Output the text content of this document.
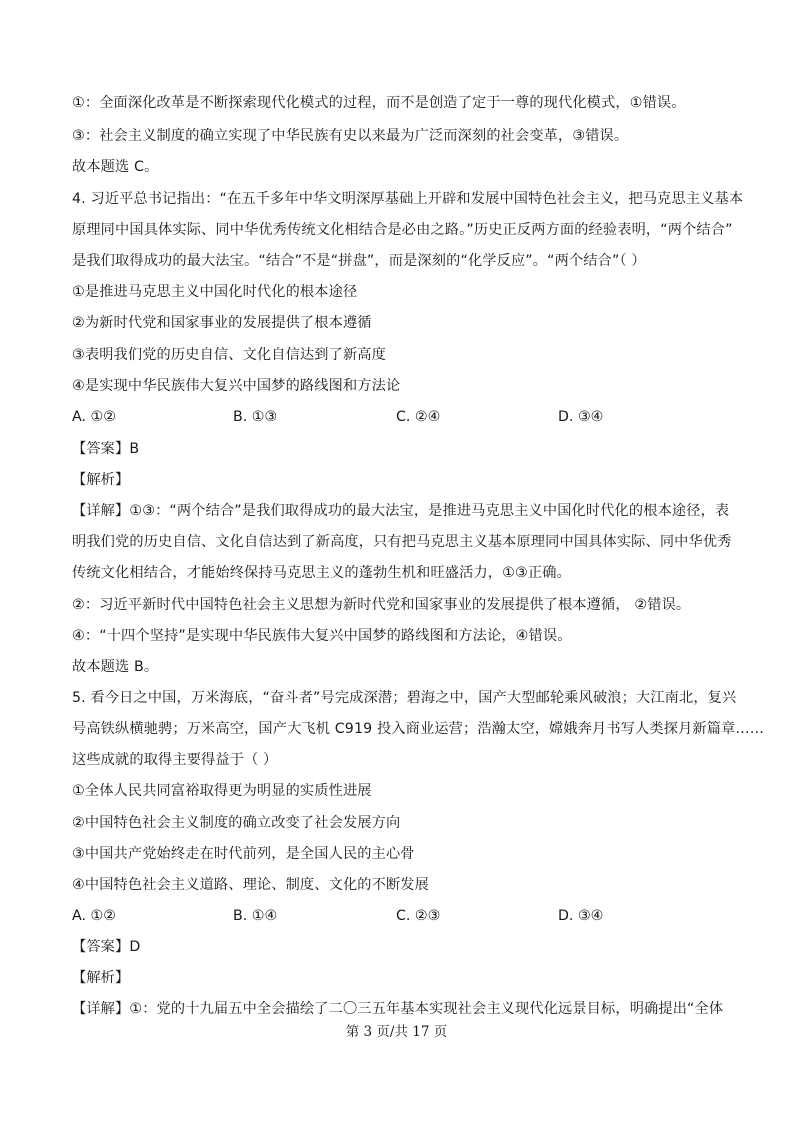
①：全面深化改革是不断探索现代化模式的过程，而不是创造了定于一尊的现代化模式，①错误。
③：社会主义制度的确立实现了中华民族有史以来最为广泛而深刻的社会变革，③错误。
故本题选 C。
4. 习近平总书记指出：“在五千多年中华文明深厚基础上开辟和发展中国特色社会主义，把马克思主义基本
原理同中国具体实际、同中华优秀传统文化相结合是必由之路。”历史正反两方面的经验表明，“两个结合”
是我们取得成功的最大法宝。“结合”不是“拼盘”，而是深刻的“化学反应”。“两个结合”（ ）
①是推进马克思主义中国化时代化的根本途径
②为新时代党和国家事业的发展提供了根本遵循
③表明我们党的历史自信、文化自信达到了新高度
④是实现中华民族伟大复兴中国梦的路线图和方法论
A. ①②	B. ①③	C. ②④	D. ③④
【答案】B
【解析】
【详解】①③：“两个结合”是我们取得成功的最大法宝，是推进马克思主义中国化时代化的根本途径，表
明我们党的历史自信、文化自信达到了新高度，只有把马克思主义基本原理同中国具体实际、同中华优秀
传统文化相结合，才能始终保持马克思主义的蓬勃生机和旺盛活力，①③正确。
②：习近平新时代中国特色社会主义思想为新时代党和国家事业的发展提供了根本遵循， ②错误。
④：“十四个坚持”是实现中华民族伟大复兴中国梦的路线图和方法论，④错误。
故本题选 B。
5. 看今日之中国，万米海底，“奋斗者”号完成深潜；碧海之中，国产大型邮轮乘风破浪；大江南北，复兴
号高铁纵横驰骋；万米高空，国产大飞机 C919 投入商业运营；浩瀚太空，嫦娥奔月书写人类探月新篇章……
这些成就的取得主要得益于（ ）
①全体人民共同富裕取得更为明显的实质性进展
②中国特色社会主义制度的确立改变了社会发展方向
③中国共产党始终走在时代前列，是全国人民的主心骨
④中国特色社会主义道路、理论、制度、文化的不断发展
A. ①②	B. ①④	C. ②③	D. ③④
【答案】D
【解析】
【详解】①：党的十九届五中全会描绘了二〇三五年基本实现社会主义现代化远景目标，明确提出“全体
第 3 页/共 17 页
